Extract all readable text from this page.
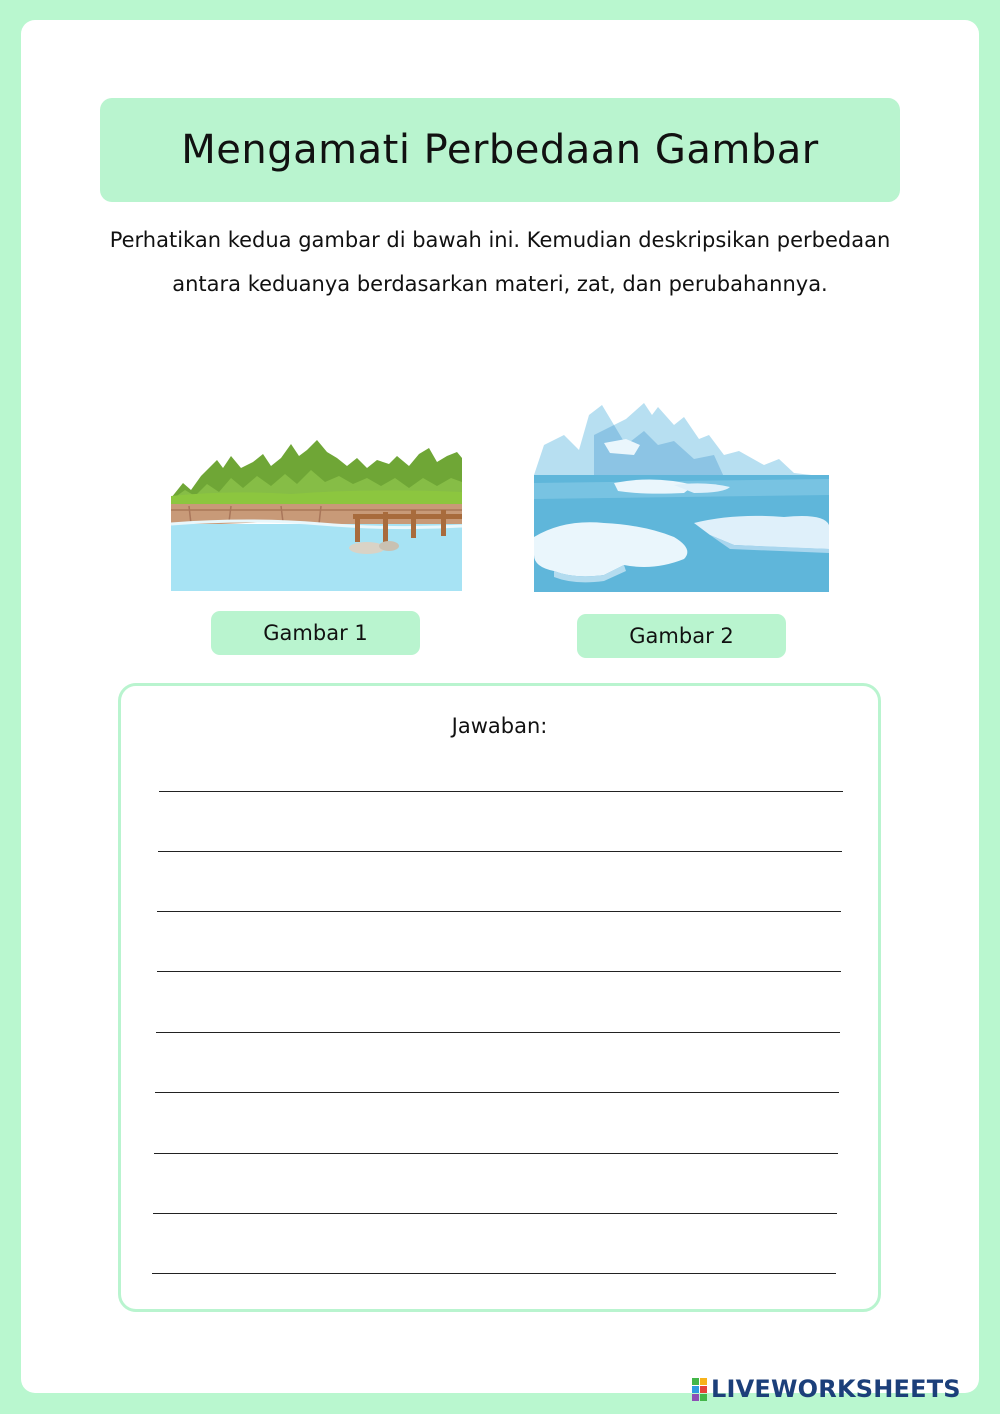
Mengamati Perbedaan Gambar
Perhatikan kedua gambar di bawah ini. Kemudian deskripsikan perbedaan antara keduanya berdasarkan materi, zat, dan perubahannya.
Gambar 1	Gambar 2
Jawaban:
LIVEWORKSHEETS
